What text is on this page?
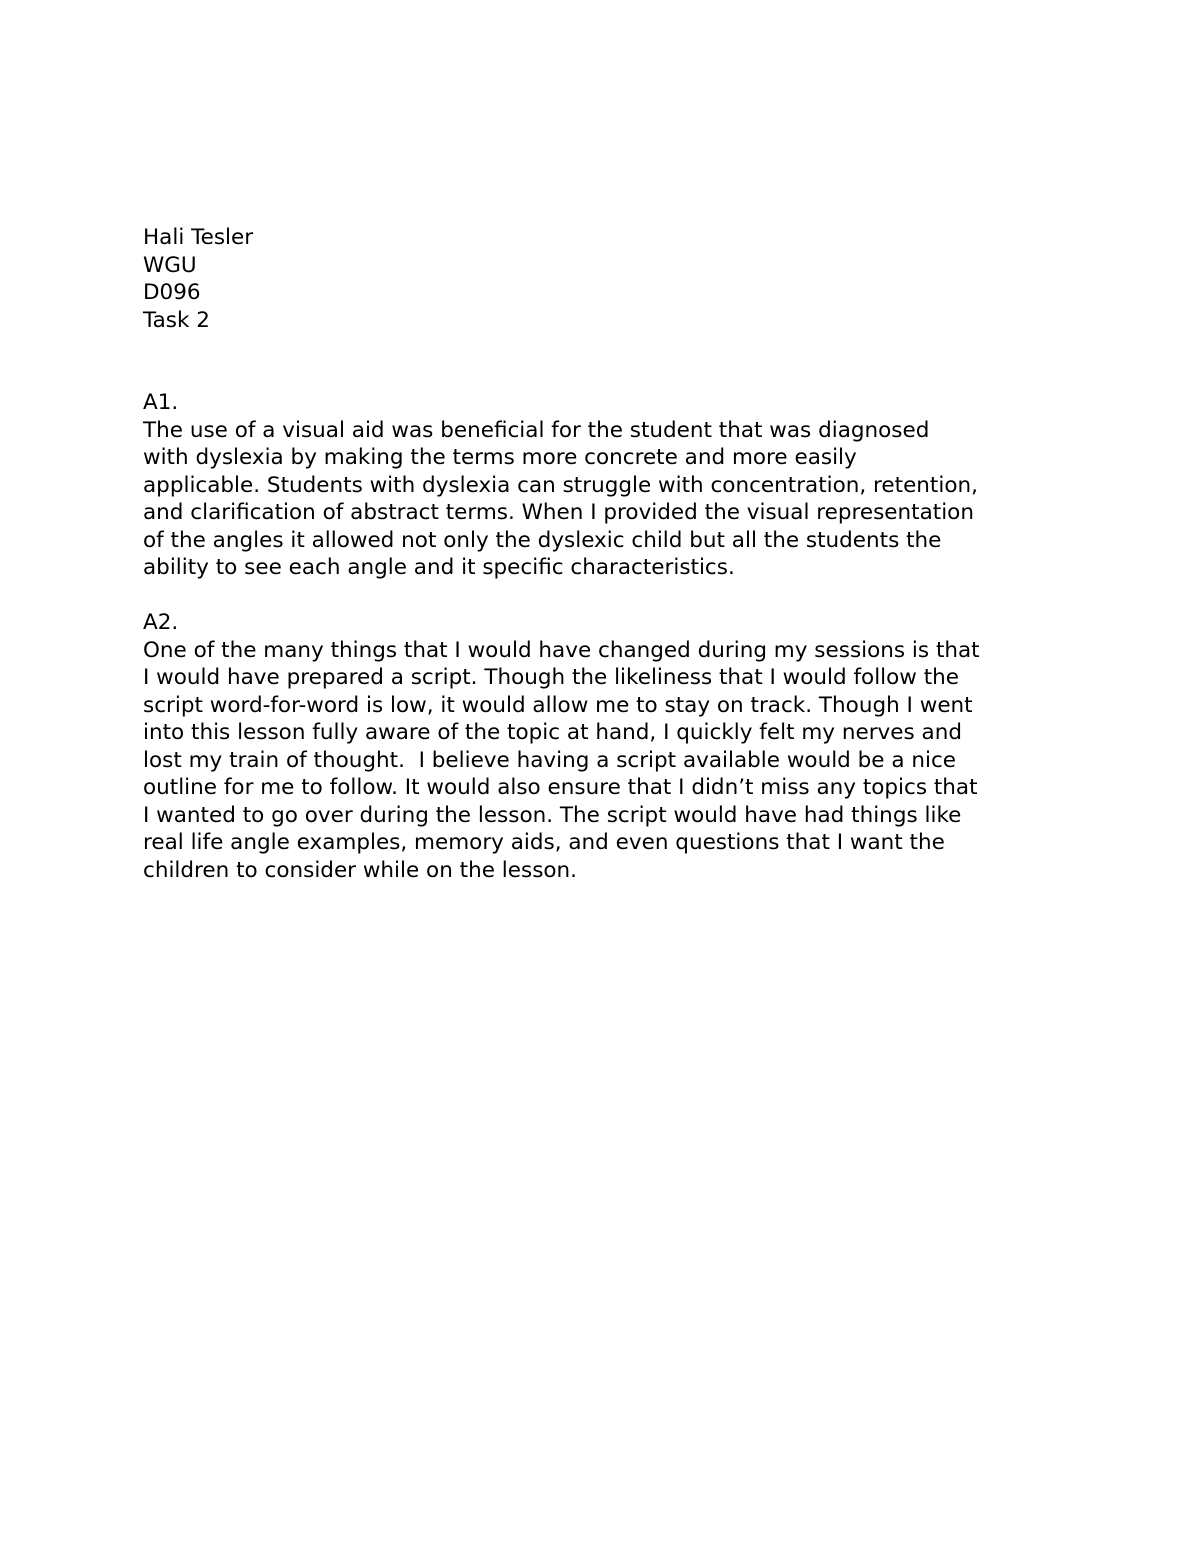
Hali Tesler
WGU
D096
Task 2
A1.
The use of a visual aid was beneficial for the student that was diagnosed
with dyslexia by making the terms more concrete and more easily
applicable. Students with dyslexia can struggle with concentration, retention,
and clarification of abstract terms. When I provided the visual representation
of the angles it allowed not only the dyslexic child but all the students the
ability to see each angle and it specific characteristics.
A2.
One of the many things that I would have changed during my sessions is that
I would have prepared a script. Though the likeliness that I would follow the
script word-for-word is low, it would allow me to stay on track. Though I went
into this lesson fully aware of the topic at hand, I quickly felt my nerves and
lost my train of thought.  I believe having a script available would be a nice
outline for me to follow. It would also ensure that I didn’t miss any topics that
I wanted to go over during the lesson. The script would have had things like
real life angle examples, memory aids, and even questions that I want the
children to consider while on the lesson.
